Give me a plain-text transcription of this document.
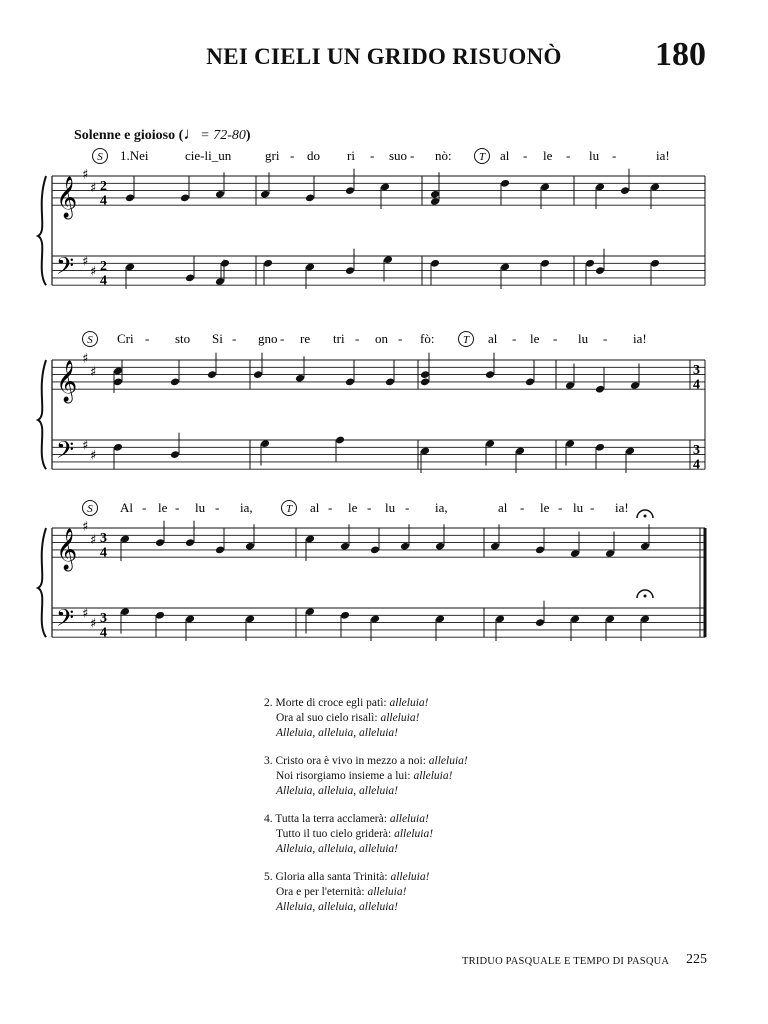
NEI CIELI UN GRIDO RISUONÒ	180
Solenne e gioioso (♩= 72-80)
𝄞
𝄢
♯
♯
♯
♯
2
4
2
4
S 1.Nei	cie-li_un	gri - do ri - suo - nò: T al - le - lu -	ia!
𝄞
𝄢
♯
♯
♯
♯
3
4
3
4
S Cri - sto Si - gno - re tri - on - fò:	T al - le - lu - ia!
𝄞
𝄢
♯
♯
♯
♯
3
4
3
4
S Al - le - lu - ia,	T al - le - lu - ia,	al - le - lu - ia!
2. Morte di croce egli patì: alleluia!
Ora al suo cielo risalì: alleluia!
Alleluia, alleluia, alleluia!
3. Cristo ora è vivo in mezzo a noi: alleluia!
Noi risorgiamo insieme a lui: alleluia!
Alleluia, alleluia, alleluia!
4. Tutta la terra acclamerà: alleluia!
Tutto il tuo cielo griderà: alleluia!
Alleluia, alleluia, alleluia!
5. Gloria alla santa Trinità: alleluia!
Ora e per l'eternità: alleluia!
Alleluia, alleluia, alleluia!
TRIDUO PASQUALE E TEMPO DI PASQUA 225
